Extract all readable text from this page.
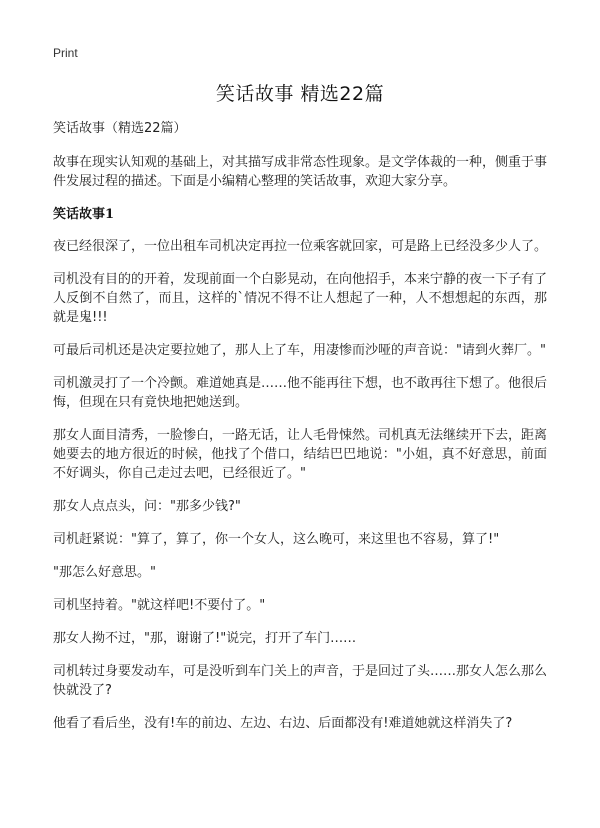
Print
笑话故事 精选22篇

笑话故事（精选22篇）

故事在现实认知观的基础上，对其描写成非常态性现象。是文学体裁的一种，侧重于事件发展过程的描述。下面是小编精心整理的笑话故事，欢迎大家分享。

笑话故事1

夜已经很深了，一位出租车司机决定再拉一位乘客就回家，可是路上已经没多少人了。

司机没有目的的开着，发现前面一个白影晃动，在向他招手，本来宁静的夜一下子有了人反倒不自然了，而且，这样的`情况不得不让人想起了一种，人不想想起的东西，那就是鬼!!!

可最后司机还是决定要拉她了，那人上了车，用凄惨而沙哑的声音说："请到火葬厂。"

司机激灵打了一个冷颤。难道她真是……他不能再往下想，也不敢再往下想了。他很后悔，但现在只有竟快地把她送到。

那女人面目清秀，一脸惨白，一路无话，让人毛骨悚然。司机真无法继续开下去，距离她要去的地方很近的时候，他找了个借口，结结巴巴地说："小姐，真不好意思，前面不好调头，你自己走过去吧，已经很近了。"

那女人点点头，问："那多少钱?"

司机赶紧说："算了，算了，你一个女人，这么晚可，来这里也不容易，算了!"

"那怎么好意思。"

司机坚持着。"就这样吧!不要付了。"

那女人拗不过，"那，谢谢了!"说完，打开了车门……

司机转过身要发动车，可是没听到车门关上的声音，于是回过了头……那女人怎么那么快就没了?

他看了看后坐，没有!车的前边、左边、右边、后面都没有!难道她就这样消失了?
